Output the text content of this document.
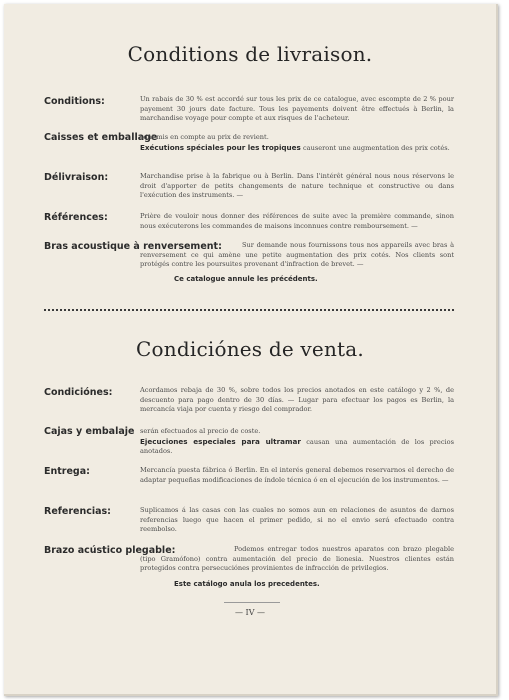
Conditions de livraison.
Conditions:	Un rabais de 30 % est accordé sur tous les prix de ce catalogue, avec escompte de 2 % pour payement 30 jours date facture. Tous les payements doivent être effectués à Berlin, la marchandise voyage pour compte et aux risques de l'acheteur.
Caisses et emballage
sont mis en compte au prix de revient.
Exécutions spéciales pour les tropiques causeront une augmentation des prix cotés.
Délivraison:	Marchandise prise à la fabrique ou à Berlin. Dans l'intérêt général nous nous réservons le droit d'apporter de petits changements de nature technique et constructive ou dans l'exécution des instruments. —
Références:	Prière de vouloir nous donner des références de suite avec la première commande, sinon nous exécuterons les commandes de maisons inconnues contre remboursement. —
Bras acoustique à renversement:	Sur demande nous fournissons tous nos appareils avec bras à renversement ce qui amène une petite augmentation des prix cotés. Nos clients sont protégés contre les poursuites provenant d'infraction de brevet. —
Ce catalogue annule les précédents.
Condiciónes de venta.
Condiciónes:	Acordamos rebaja de 30 %, sobre todos los precios anotados en este catálogo y 2 %, de descuento para pago dentro de 30 días. — Lugar para efectuar los pagos es Berlin, la mercancía viaja por cuenta y riesgo del comprador.
Cajas y embalaje serán efectuados al precio de coste.
Ejecuciones especiales para ultramar causan una aumentación de los precios anotados.
Entrega:	Mercancía puesta fábrica ó Berlin. En el interés general debemos reservarnos el derecho de adaptar pequeñas modificaciones de índole técnica ó en el ejecución de los instrumentos. —
Referencias:	Suplicamos á las casas con las cuales no somos aun en relaciones de asuntos de darnos referencias luego que hacen el primer pedido, si no el envio será efectuado contra reembolso.
Brazo acústico plegable:	Podemos entregar todos nuestros aparatos con brazo plegable (tipo Gramófono) contra aumentación del precio de lionesia. Nuestros clientes están protegidos contra persecuciónes provinientes de infracción de privilegios.
Este catálogo anula los precedentes.
— IV —
